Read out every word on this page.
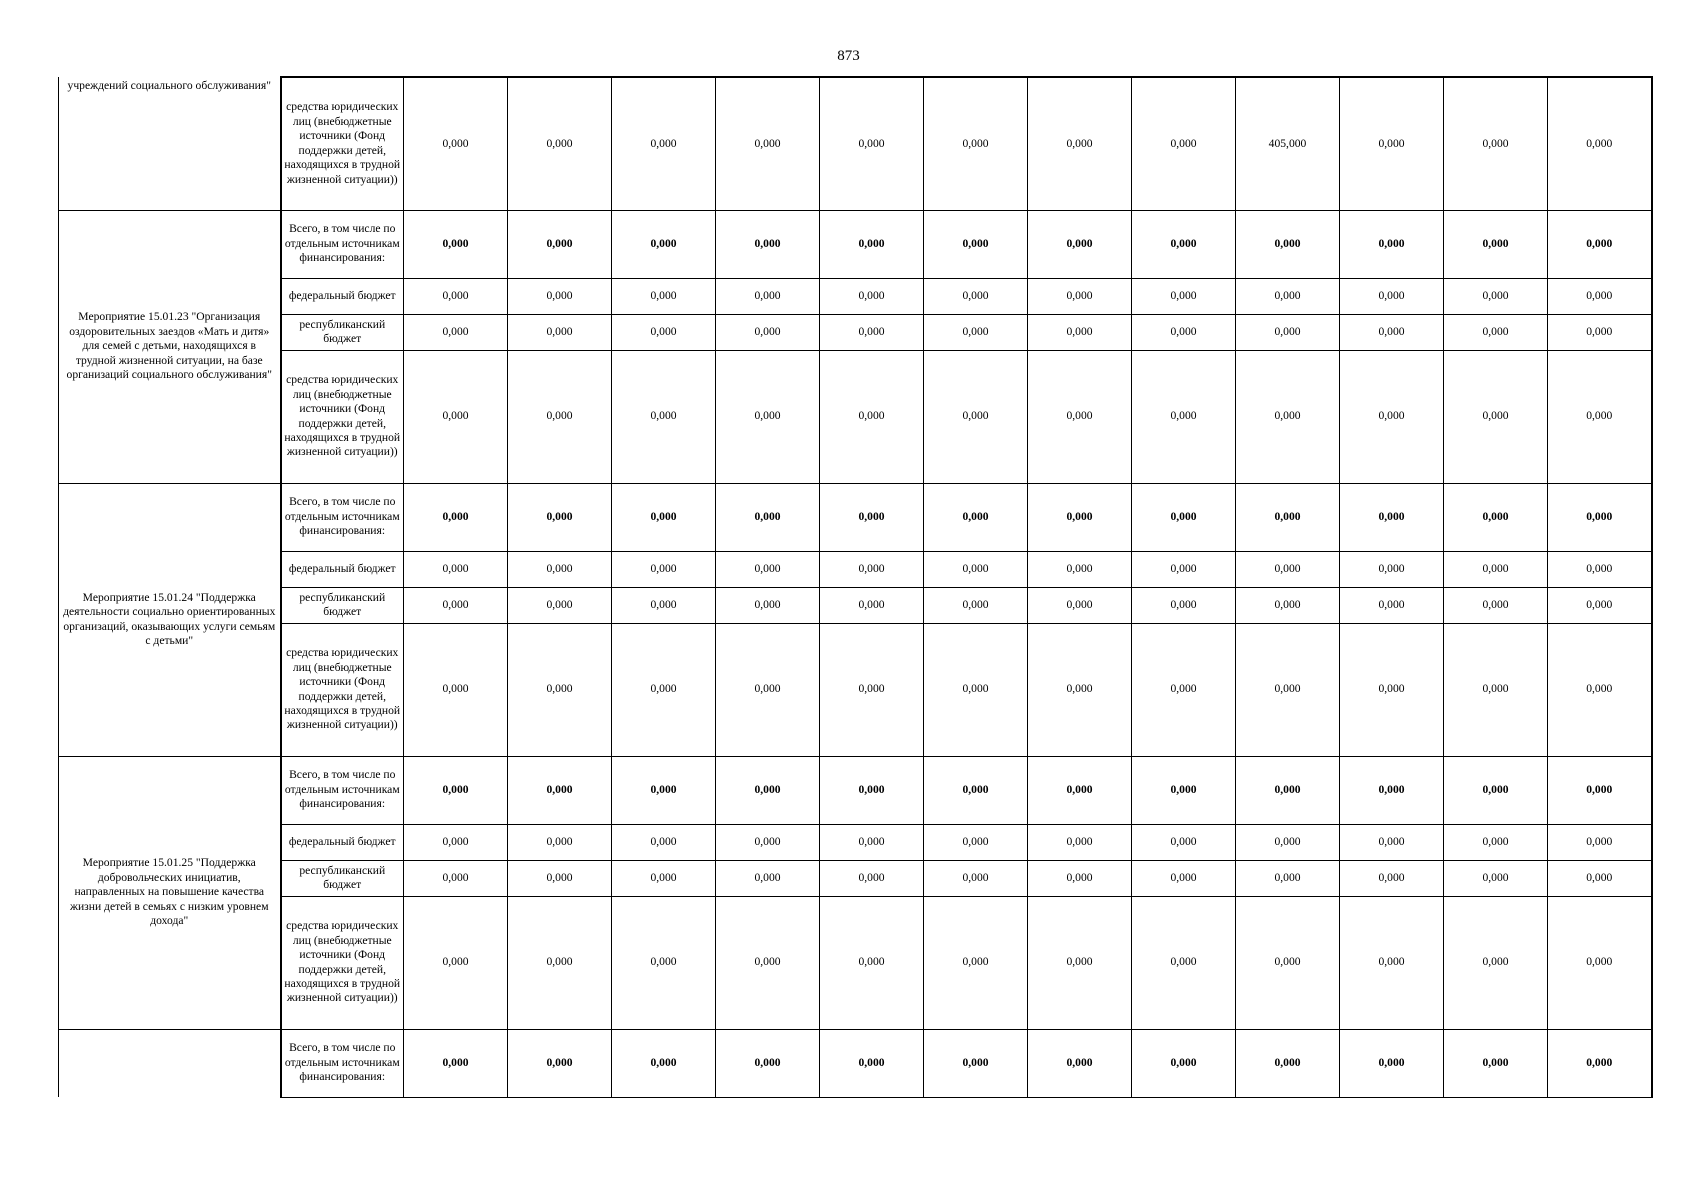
873
учреждений социального обслуживания"	средства юридических лиц (внебюджетные источники (Фонд поддержки детей, находящихся в трудной жизненной ситуации))	0,000	0,000	0,000	0,000	0,000	0,000	0,000	0,000	405,000	0,000	0,000	0,000
Мероприятие 15.01.23 "Организация оздоровительных заездов «Мать и дитя» для семей с детьми, находящихся в трудной жизненной ситуации, на базе организаций социального обслуживания"	Всего, в том числе по отдельным источникам финансирования:	0,000	0,000	0,000	0,000	0,000	0,000	0,000	0,000	0,000	0,000	0,000	0,000
	федеральный бюджет	0,000	0,000	0,000	0,000	0,000	0,000	0,000	0,000	0,000	0,000	0,000	0,000
	республиканский бюджет	0,000	0,000	0,000	0,000	0,000	0,000	0,000	0,000	0,000	0,000	0,000	0,000
	средства юридических лиц (внебюджетные источники (Фонд поддержки детей, находящихся в трудной жизненной ситуации))	0,000	0,000	0,000	0,000	0,000	0,000	0,000	0,000	0,000	0,000	0,000	0,000
Мероприятие 15.01.24 "Поддержка деятельности социально ориентированных организаций, оказывающих услуги семьям с детьми"	Всего, в том числе по отдельным источникам финансирования:	0,000	0,000	0,000	0,000	0,000	0,000	0,000	0,000	0,000	0,000	0,000	0,000
	федеральный бюджет	0,000	0,000	0,000	0,000	0,000	0,000	0,000	0,000	0,000	0,000	0,000	0,000
	республиканский бюджет	0,000	0,000	0,000	0,000	0,000	0,000	0,000	0,000	0,000	0,000	0,000	0,000
	средства юридических лиц (внебюджетные источники (Фонд поддержки детей, находящихся в трудной жизненной ситуации))	0,000	0,000	0,000	0,000	0,000	0,000	0,000	0,000	0,000	0,000	0,000	0,000
Мероприятие 15.01.25 "Поддержка добровольческих инициатив, направленных на повышение качества жизни детей в семьях с низким уровнем дохода"	Всего, в том числе по отдельным источникам финансирования:	0,000	0,000	0,000	0,000	0,000	0,000	0,000	0,000	0,000	0,000	0,000	0,000
	федеральный бюджет	0,000	0,000	0,000	0,000	0,000	0,000	0,000	0,000	0,000	0,000	0,000	0,000
	республиканский бюджет	0,000	0,000	0,000	0,000	0,000	0,000	0,000	0,000	0,000	0,000	0,000	0,000
	средства юридических лиц (внебюджетные источники (Фонд поддержки детей, находящихся в трудной жизненной ситуации))	0,000	0,000	0,000	0,000	0,000	0,000	0,000	0,000	0,000	0,000	0,000	0,000
	Всего, в том числе по отдельным источникам финансирования:	0,000	0,000	0,000	0,000	0,000	0,000	0,000	0,000	0,000	0,000	0,000	0,000
